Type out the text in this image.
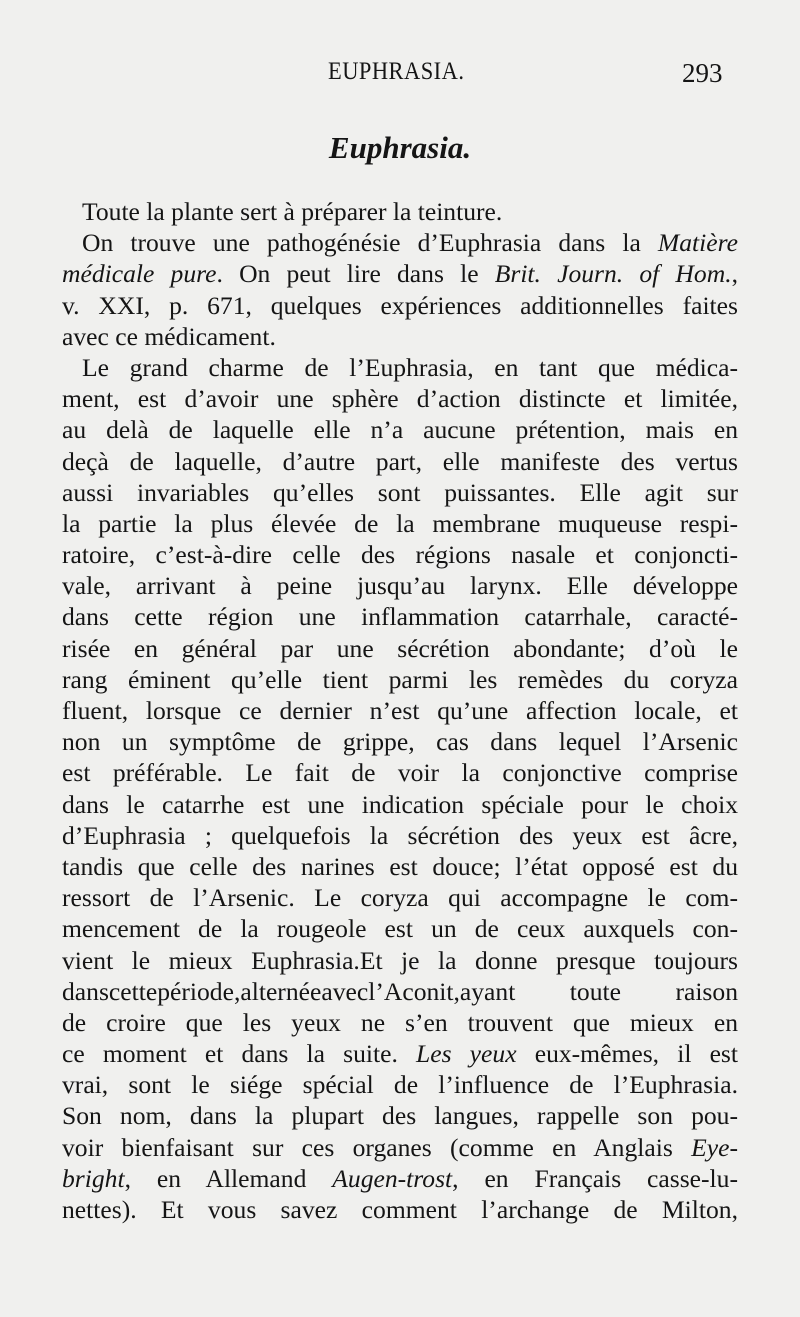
EUPHRASIA.	293
Euphrasia.
Toute la plante sert à préparer la teinture.
On trouve une pathogénésie d’Euphrasia dans la Matière
médicale pure. On peut lire dans le Brit. Journ. of Hom.,
v. XXI, p. 671, quelques expériences additionnelles faites
avec ce médicament.
Le grand charme de l’Euphrasia, en tant que médica-
ment, est d’avoir une sphère d’action distincte et limitée,
au delà de laquelle elle n’a aucune prétention, mais en
deçà de laquelle, d’autre part, elle manifeste des vertus
aussi invariables qu’elles sont puissantes. Elle agit sur
la partie la plus élevée de la membrane muqueuse respi-
ratoire, c’est-à-dire celle des régions nasale et conjoncti-
vale, arrivant à peine jusqu’au larynx. Elle développe
dans cette région une inflammation catarrhale, caracté-
risée en général par une sécrétion abondante; d’où le
rang éminent qu’elle tient parmi les remèdes du coryza
fluent, lorsque ce dernier n’est qu’une affection locale, et
non un symptôme de grippe, cas dans lequel l’Arsenic
est préférable. Le fait de voir la conjonctive comprise
dans le catarrhe est une indication spéciale pour le choix
d’Euphrasia ; quelquefois la sécrétion des yeux est âcre,
tandis que celle des narines est douce; l’état opposé est du
ressort de l’Arsenic. Le coryza qui accompagne le com-
mencement de la rougeole est un de ceux auxquels con-
vient le mieux Euphrasia.Et je la donne presque toujours
danscettepériode,alternéeavecl’Aconit,ayant toute raison
de croire que les yeux ne s’en trouvent que mieux en
ce moment et dans la suite. Les yeux eux-mêmes, il est
vrai, sont le siége spécial de l’influence de l’Euphrasia.
Son nom, dans la plupart des langues, rappelle son pou-
voir bienfaisant sur ces organes (comme en Anglais Eye-
bright, en Allemand Augen-trost, en Français casse-lu-
nettes). Et vous savez comment l’archange de Milton,
